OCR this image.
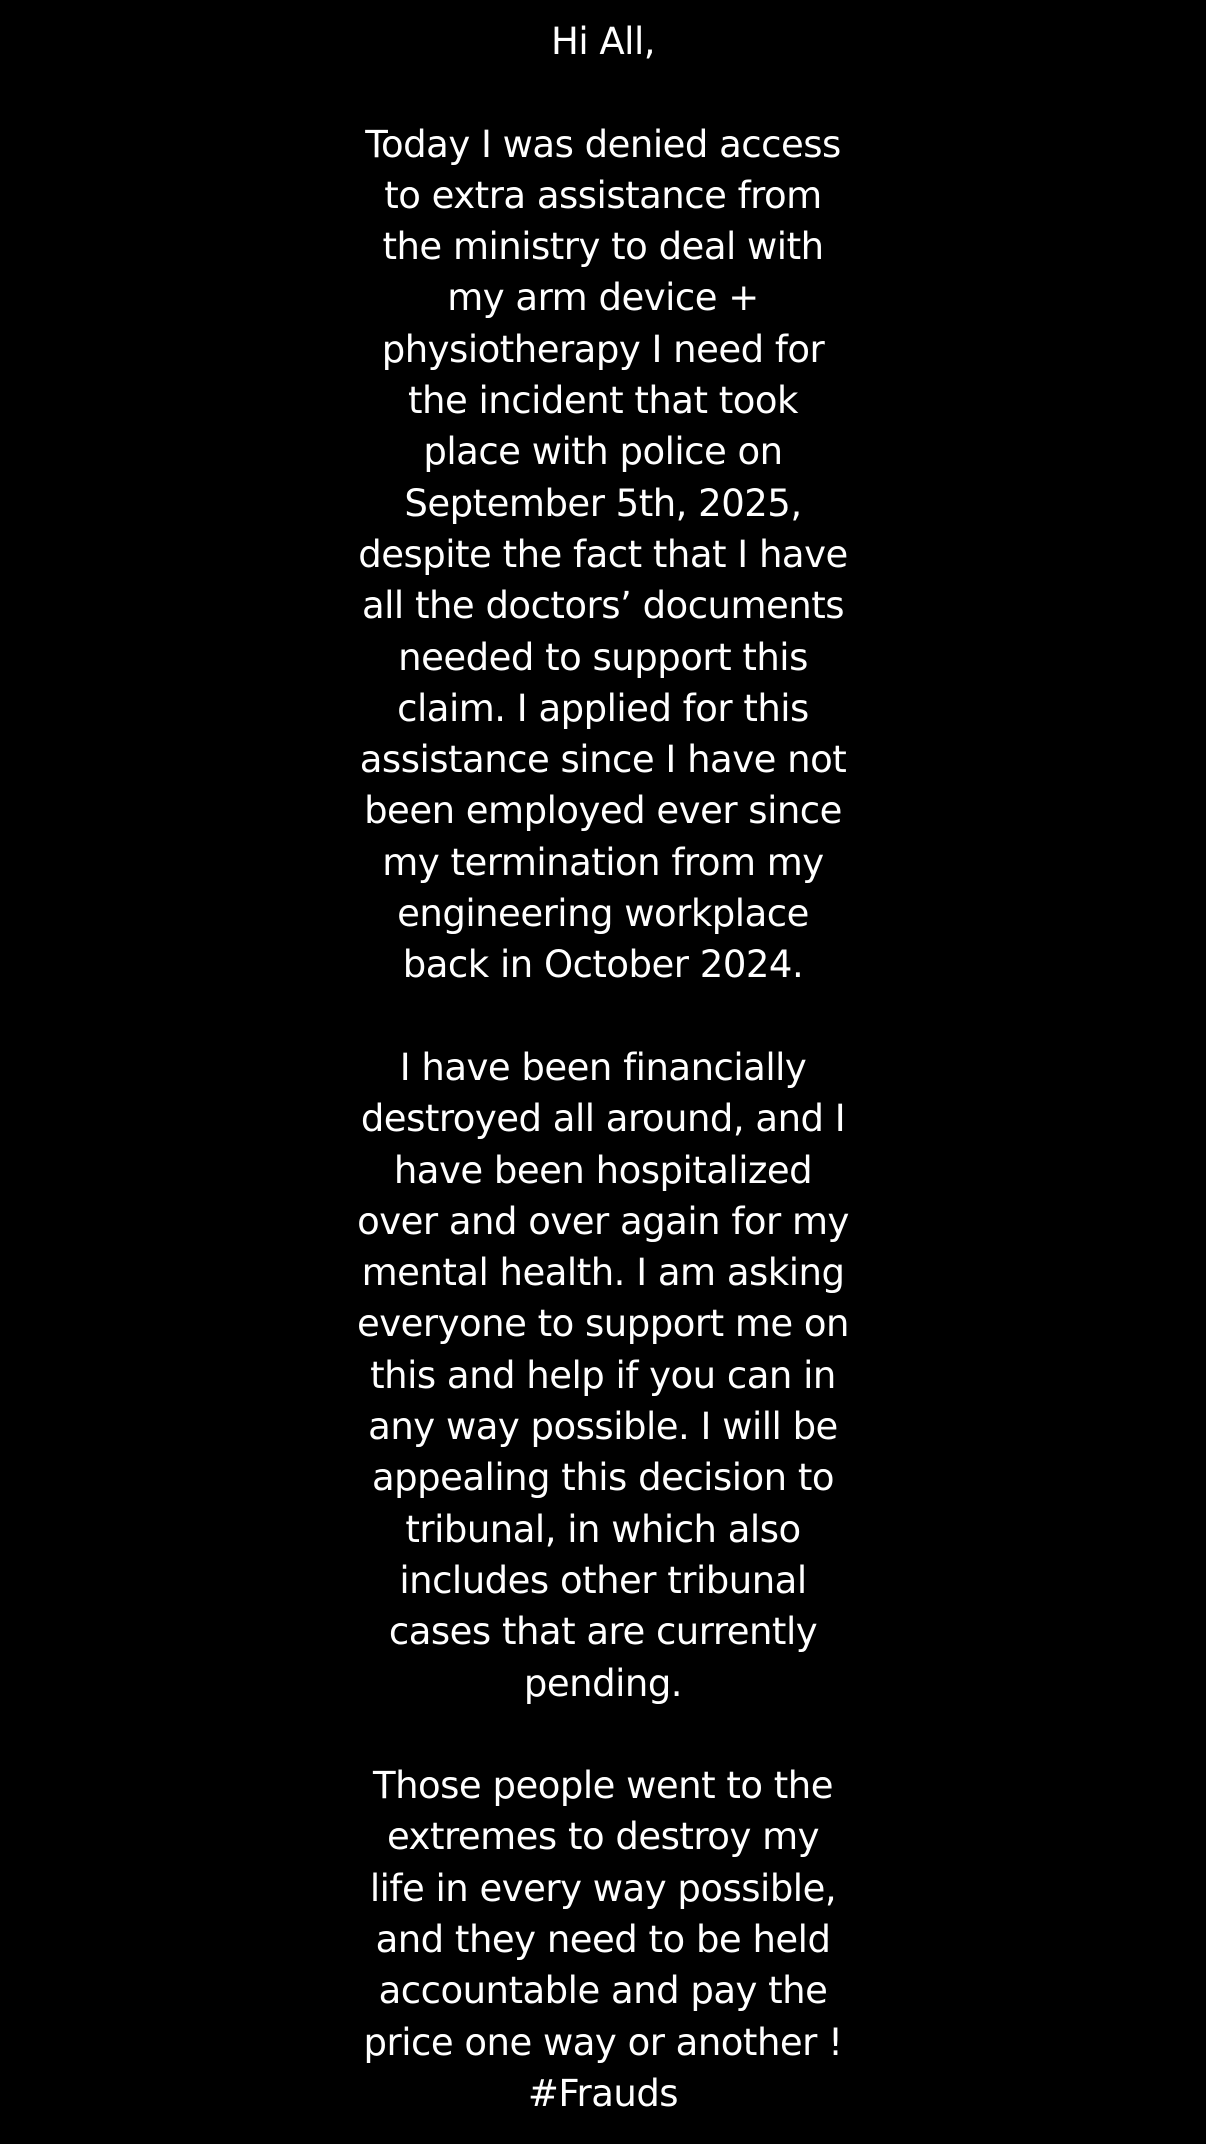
Hi All,

Today I was denied access
to extra assistance from
the ministry to deal with
my arm device +
physiotherapy I need for
the incident that took
place with police on
September 5th, 2025,
despite the fact that I have
all the doctors’ documents
needed to support this
claim. I applied for this
assistance since I have not
been employed ever since
my termination from my
engineering workplace
back in October 2024.

I have been financially
destroyed all around, and I
have been hospitalized
over and over again for my
mental health. I am asking
everyone to support me on
this and help if you can in
any way possible. I will be
appealing this decision to
tribunal, in which also
includes other tribunal
cases that are currently
pending.

Those people went to the
extremes to destroy my
life in every way possible,
and they need to be held
accountable and pay the
price one way or another !
#Frauds
